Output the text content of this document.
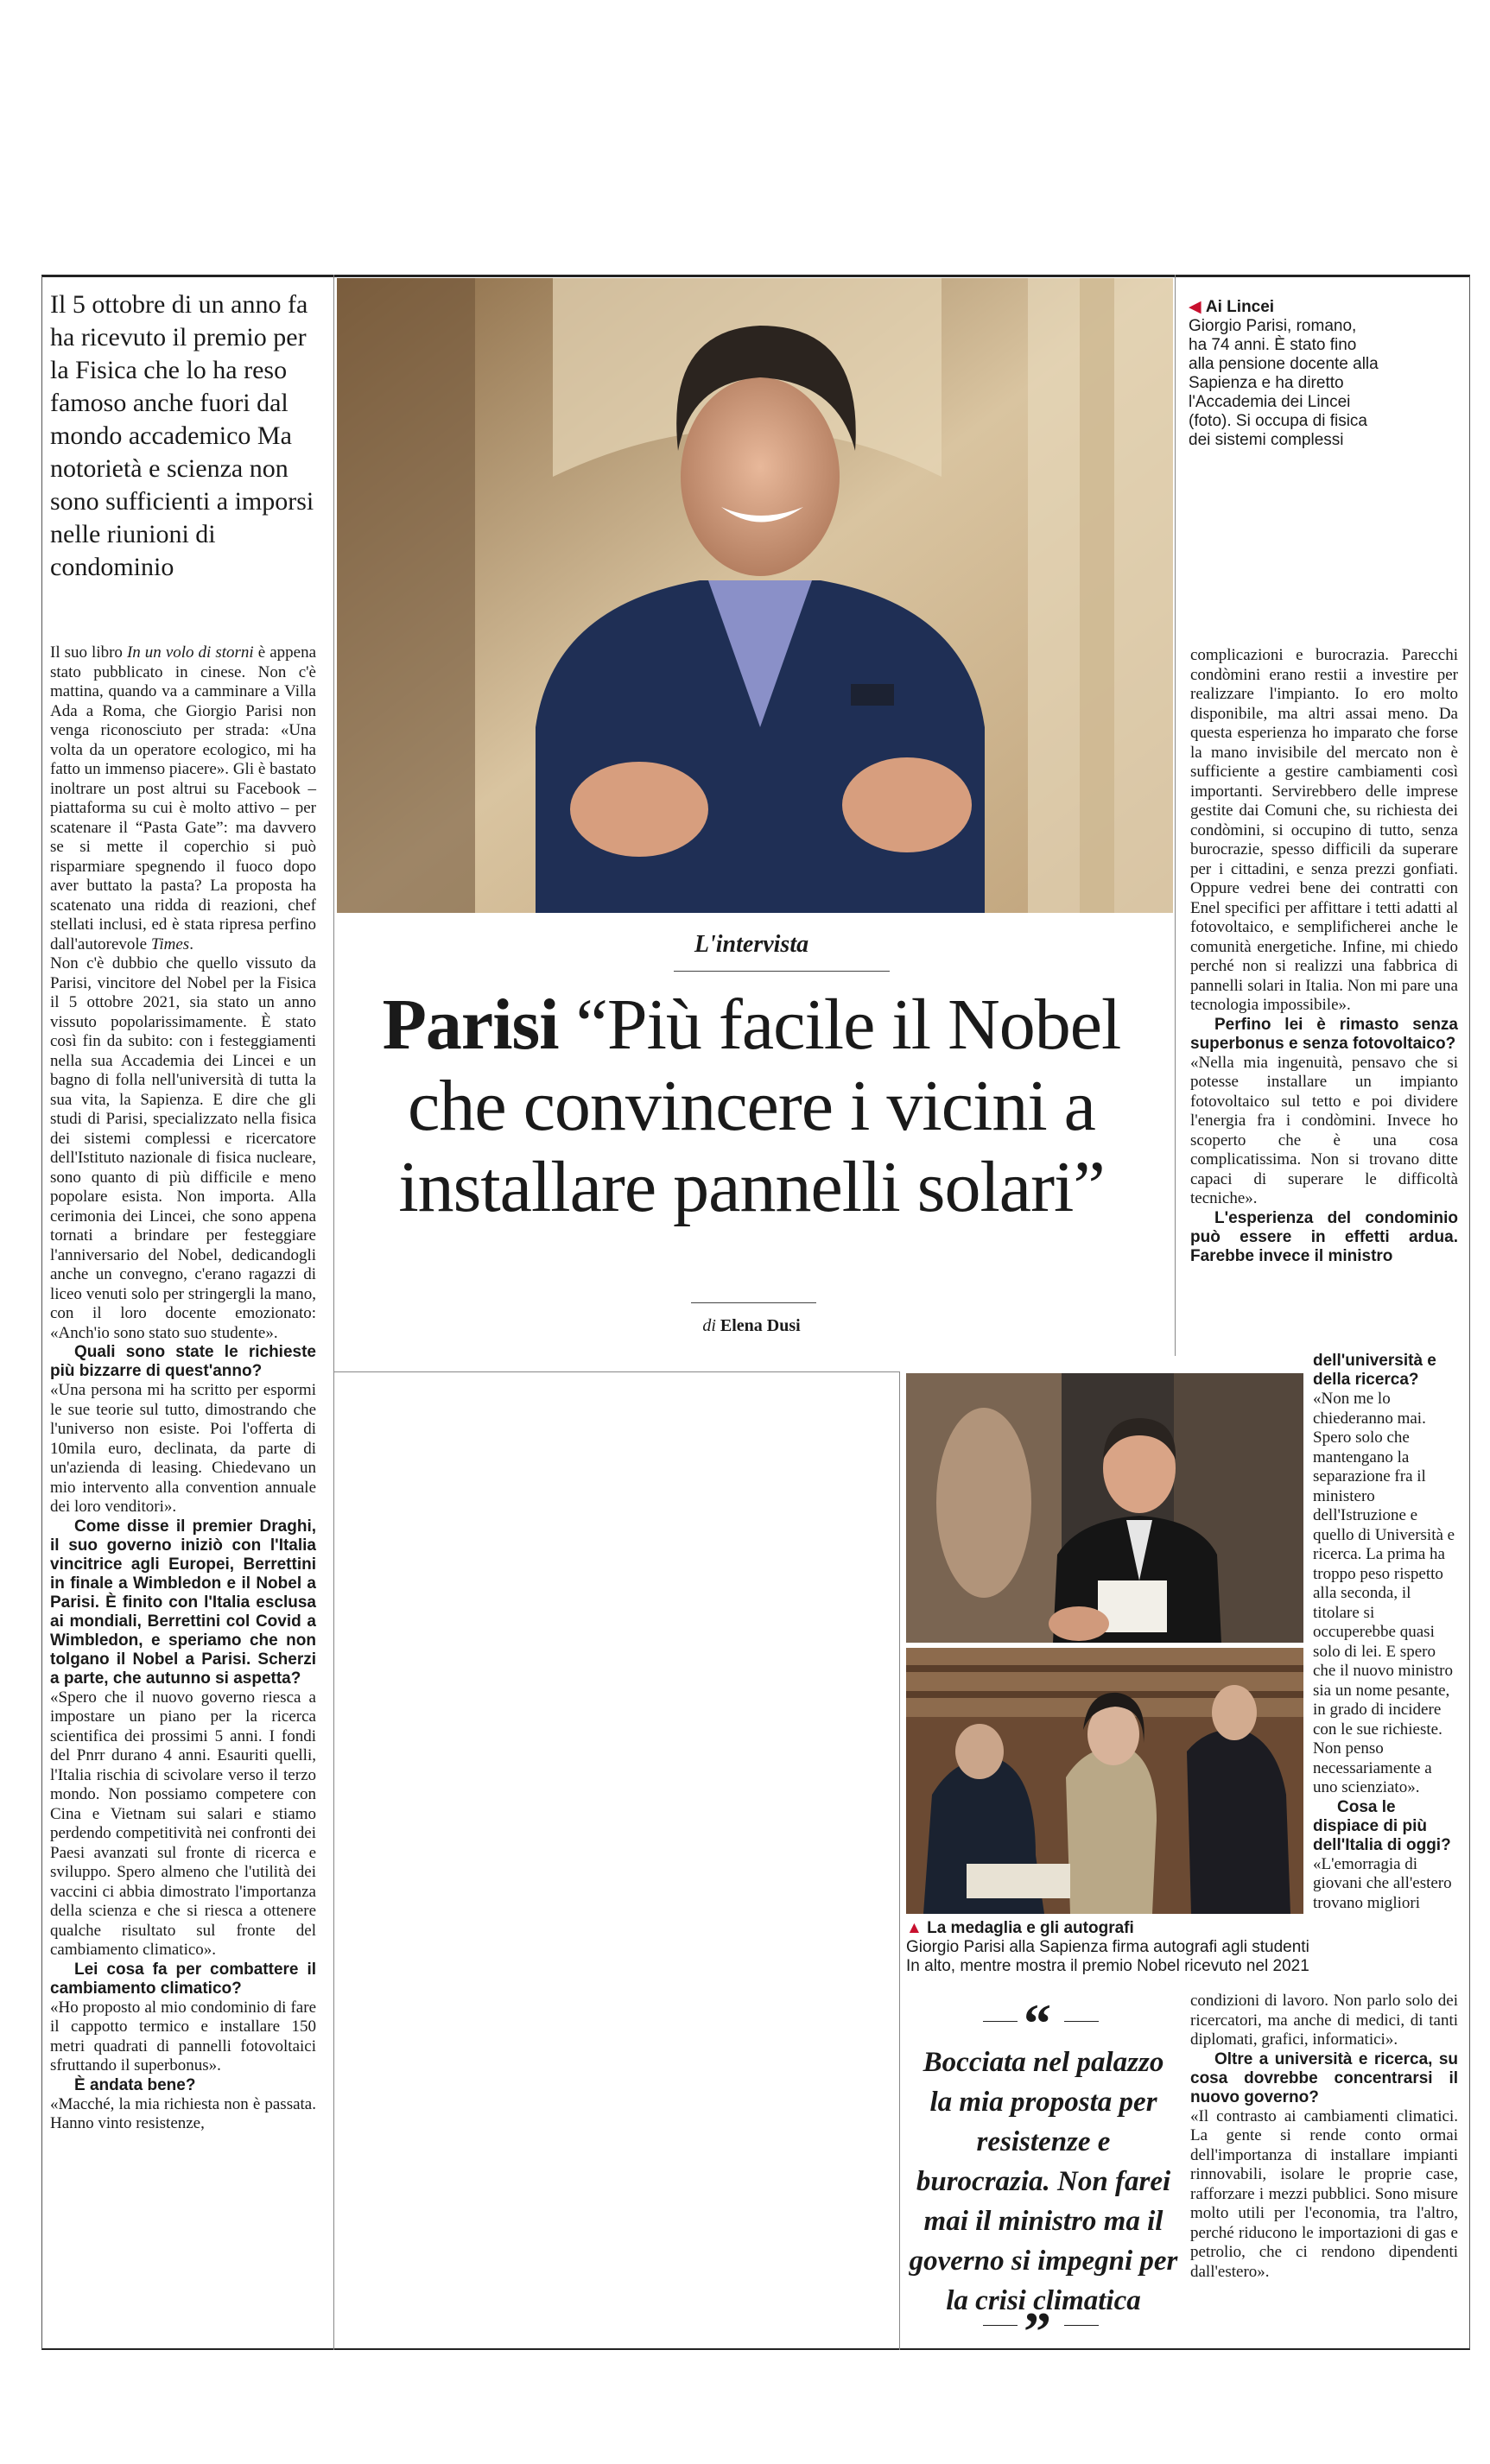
Il 5 ottobre di un anno fa ha ricevuto il premio per la Fisica che lo ha reso famoso anche fuori dal mondo accademico Ma notorietà e scienza non sono sufficienti a imporsi nelle riunioni di condominio
◀ Ai Lincei
Giorgio Parisi, romano, ha 74 anni. È stato fino alla pensione docente alla Sapienza e ha diretto l'Accademia dei Lincei (foto). Si occupa di fisica dei sistemi complessi
L'intervista
Parisi “Più facile il Nobel che convincere i vicini a installare pannelli solari”
di Elena Dusi

Il suo libro In un volo di storni è appena stato pubblicato in cinese. Non c'è mattina, quando va a camminare a Villa Ada a Roma, che Giorgio Parisi non venga riconosciuto per strada: «Una volta da un operatore ecologico, mi ha fatto un immenso piacere». Gli è bastato inoltrare un post altrui su Facebook – piattaforma su cui è molto attivo – per scatenare il “Pasta Gate”: ma davvero se si mette il coperchio si può risparmiare spegnendo il fuoco dopo aver buttato la pasta? La proposta ha scatenato una ridda di reazioni, chef stellati inclusi, ed è stata ripresa perfino dall'autorevole Times.

Non c'è dubbio che quello vissuto da Parisi, vincitore del Nobel per la Fisica il 5 ottobre 2021, sia stato un anno vissuto popolarissimamente. È stato così fin da subito: con i festeggiamenti nella sua Accademia dei Lincei e un bagno di folla nell'università di tutta la sua vita, la Sapienza. E dire che gli studi di Parisi, specializzato nella fisica dei sistemi complessi e ricercatore dell'Istituto nazionale di fisica nucleare, sono quanto di più difficile e meno popolare esista. Non importa. Alla cerimonia dei Lincei, che sono appena tornati a brindare per festeggiare l'anniversario del Nobel, dedicandogli anche un convegno, c'erano ragazzi di liceo venuti solo per stringergli la mano, con il loro docente emozionato: «Anch'io sono stato suo studente».

Quali sono state le richieste più bizzarre di quest'anno?

«Una persona mi ha scritto per espormi le sue teorie sul tutto, dimostrando che l'universo non esiste. Poi l'offerta di 10mila euro, declinata, da parte di un'azienda di leasing. Chiedevano un mio intervento alla convention annuale dei loro venditori».

Come disse il premier Draghi, il suo governo iniziò con l'Italia vincitrice agli Europei, Berrettini in finale a Wimbledon e il Nobel a Parisi. È finito con l'Italia esclusa ai mondiali, Berrettini col Covid a Wimbledon, e speriamo che non tolgano il Nobel a Parisi. Scherzi a parte, che autunno si aspetta?

«Spero che il nuovo governo riesca a impostare un piano per la ricerca scientifica dei prossimi 5 anni. I fondi del Pnrr durano 4 anni. Esauriti quelli, l'Italia rischia di scivolare verso il terzo mondo. Non possiamo competere con Cina e Vietnam sui salari e stiamo perdendo competitività nei confronti dei Paesi avanzati sul fronte di ricerca e sviluppo. Spero almeno che l'utilità dei vaccini ci abbia dimostrato l'importanza della scienza e che si riesca a ottenere qualche risultato sul fronte del cambiamento climatico».

Lei cosa fa per combattere il cambiamento climatico?

«Ho proposto al mio condominio di fare il cappotto termico e installare 150 metri quadrati di pannelli fotovoltaici sfruttando il superbonus».

È andata bene?

«Macché, la mia richiesta non è passata. Hanno vinto resistenze,

complicazioni e burocrazia. Parecchi condòmini erano restii a investire per realizzare l'impianto. Io ero molto disponibile, ma altri assai meno. Da questa esperienza ho imparato che forse la mano invisibile del mercato non è sufficiente a gestire cambiamenti così importanti. Servirebbero delle imprese gestite dai Comuni che, su richiesta dei condòmini, si occupino di tutto, senza burocrazie, spesso difficili da superare per i cittadini, e senza prezzi gonfiati. Oppure vedrei bene dei contratti con Enel specifici per affittare i tetti adatti al fotovoltaico, e semplificherei anche le comunità energetiche. Infine, mi chiedo perché non si realizzi una fabbrica di pannelli solari in Italia. Non mi pare una tecnologia impossibile».

Perfino lei è rimasto senza superbonus e senza fotovoltaico?

«Nella mia ingenuità, pensavo che si potesse installare un impianto fotovoltaico sul tetto e poi dividere l'energia fra i condòmini. Invece ho scoperto che è una cosa complicatissima. Non si trovano ditte capaci di superare le difficoltà tecniche».

L'esperienza del condominio può essere in effetti ardua. Farebbe invece il ministro

dell'università e della ricerca?

«Non me lo chiederanno mai. Spero solo che mantengano la separazione fra il ministero dell'Istruzione e quello di Università e ricerca. La prima ha troppo peso rispetto alla seconda, il titolare si occuperebbe quasi solo di lei. E spero che il nuovo ministro sia un nome pesante, in grado di incidere con le sue richieste. Non penso necessariamente a uno scienziato».

Cosa le dispiace di più dell'Italia di oggi?

«L'emorragia di giovani che all'estero trovano migliori

condizioni di lavoro. Non parlo solo dei ricercatori, ma anche di medici, di tanti diplomati, grafici, informatici».

Oltre a università e ricerca, su cosa dovrebbe concentrarsi il nuovo governo?

«Il contrasto ai cambiamenti climatici. La gente si rende conto ormai dell'importanza di installare impianti rinnovabili, isolare le proprie case, rafforzare i mezzi pubblici. Sono misure molto utili per l'economia, tra l'altro, perché riducono le importazioni di gas e petrolio, che ci rendono dipendenti dall'estero».

▲ La medaglia e gli autografi
Giorgio Parisi alla Sapienza firma autografi agli studenti
In alto, mentre mostra il premio Nobel ricevuto nel 2021
“
Bocciata nel palazzo la mia proposta per resistenze e burocrazia. Non farei mai il ministro ma il governo si impegni per la crisi climatica
”
